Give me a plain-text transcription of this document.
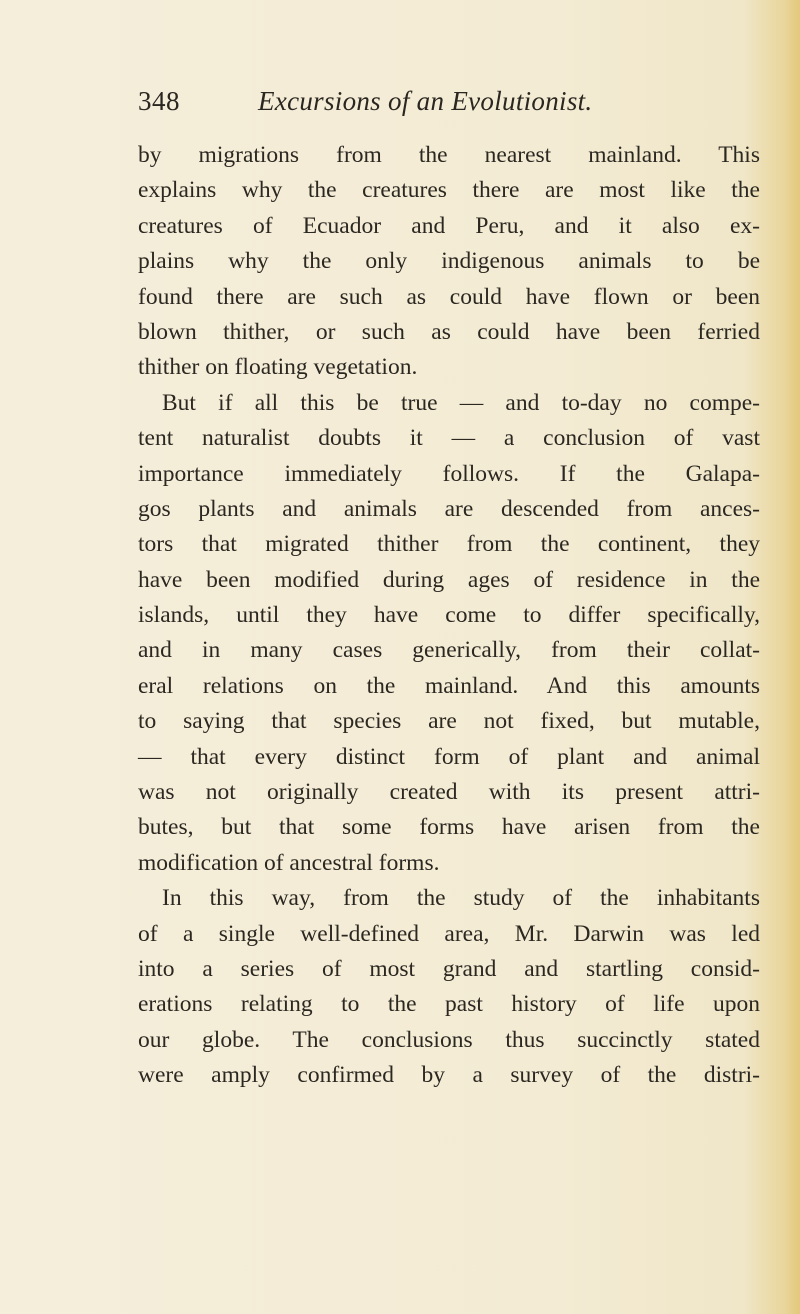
348	Excursions of an Evolutionist.
by migrations from the nearest mainland. This
explains why the creatures there are most like the
creatures of Ecuador and Peru, and it also ex-
plains why the only indigenous animals to be
found there are such as could have flown or been
blown thither, or such as could have been ferried
thither on floating vegetation.
But if all this be true — and to-day no compe-
tent naturalist doubts it — a conclusion of vast
importance immediately follows. If the Galapa-
gos plants and animals are descended from ances-
tors that migrated thither from the continent, they
have been modified during ages of residence in the
islands, until they have come to differ specifically,
and in many cases generically, from their collat-
eral relations on the mainland. And this amounts
to saying that species are not fixed, but mutable,
— that every distinct form of plant and animal
was not originally created with its present attri-
butes, but that some forms have arisen from the
modification of ancestral forms.
In this way, from the study of the inhabitants
of a single well-defined area, Mr. Darwin was led
into a series of most grand and startling consid-
erations relating to the past history of life upon
our globe. The conclusions thus succinctly stated
were amply confirmed by a survey of the distri-
